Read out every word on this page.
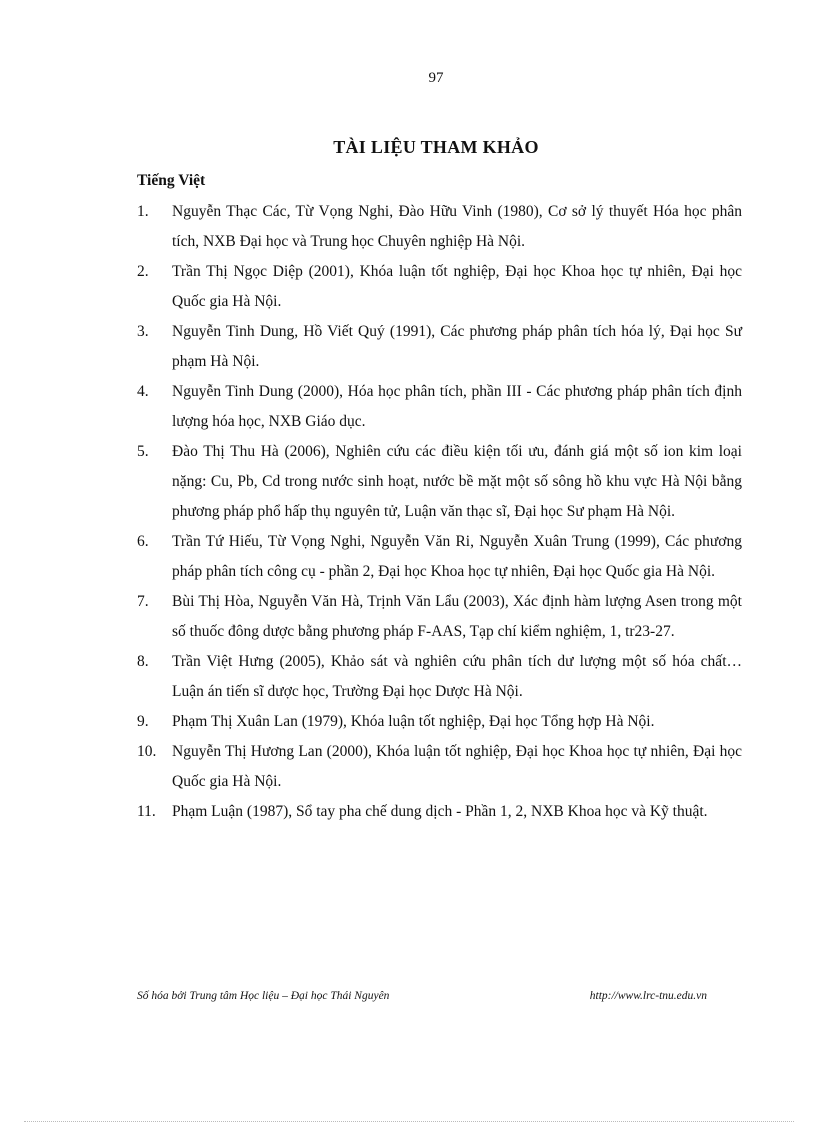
97
TÀI LIỆU THAM KHẢO
Tiếng Việt
1. Nguyễn Thạc Các, Từ Vọng Nghi, Đào Hữu Vinh (1980), Cơ sở lý thuyết Hóa học phân tích, NXB Đại học và Trung học Chuyên nghiệp Hà Nội.
2. Trần Thị Ngọc Diệp (2001), Khóa luận tốt nghiệp, Đại học Khoa học tự nhiên, Đại học Quốc gia Hà Nội.
3. Nguyễn Tinh Dung, Hồ Viết Quý (1991), Các phương pháp phân tích hóa lý, Đại học Sư phạm Hà Nội.
4. Nguyễn Tinh Dung (2000), Hóa học phân tích, phần III - Các phương pháp phân tích định lượng hóa học, NXB Giáo dục.
5. Đào Thị Thu Hà (2006), Nghiên cứu các điều kiện tối ưu, đánh giá một số ion kim loại nặng: Cu, Pb, Cd trong nước sinh hoạt, nước bề mặt một số sông hồ khu vực Hà Nội bằng phương pháp phổ hấp thụ nguyên tử, Luận văn thạc sĩ, Đại học Sư phạm Hà Nội.
6. Trần Tứ Hiếu, Từ Vọng Nghi, Nguyễn Văn Ri, Nguyễn Xuân Trung (1999), Các phương pháp phân tích công cụ - phần 2, Đại học Khoa học tự nhiên, Đại học Quốc gia Hà Nội.
7. Bùi Thị Hòa, Nguyễn Văn Hà, Trịnh Văn Lẩu (2003), Xác định hàm lượng Asen trong một số thuốc đông dược bằng phương pháp F-AAS, Tạp chí kiểm nghiệm, 1, tr23-27.
8. Trần Việt Hưng (2005), Khảo sát và nghiên cứu phân tích dư lượng một số hóa chất… Luận án tiến sĩ dược học, Trường Đại học Dược Hà Nội.
9. Phạm Thị Xuân Lan (1979), Khóa luận tốt nghiệp, Đại học Tổng hợp Hà Nội.
10. Nguyễn Thị Hương Lan (2000), Khóa luận tốt nghiệp, Đại học Khoa học tự nhiên, Đại học Quốc gia Hà Nội.
11. Phạm Luận (1987), Sổ tay pha chế dung dịch - Phần 1, 2, NXB Khoa học và Kỹ thuật.
Số hóa bởi Trung tâm Học liệu – Đại học Thái Nguyên	http://www.lrc-tnu.edu.vn
